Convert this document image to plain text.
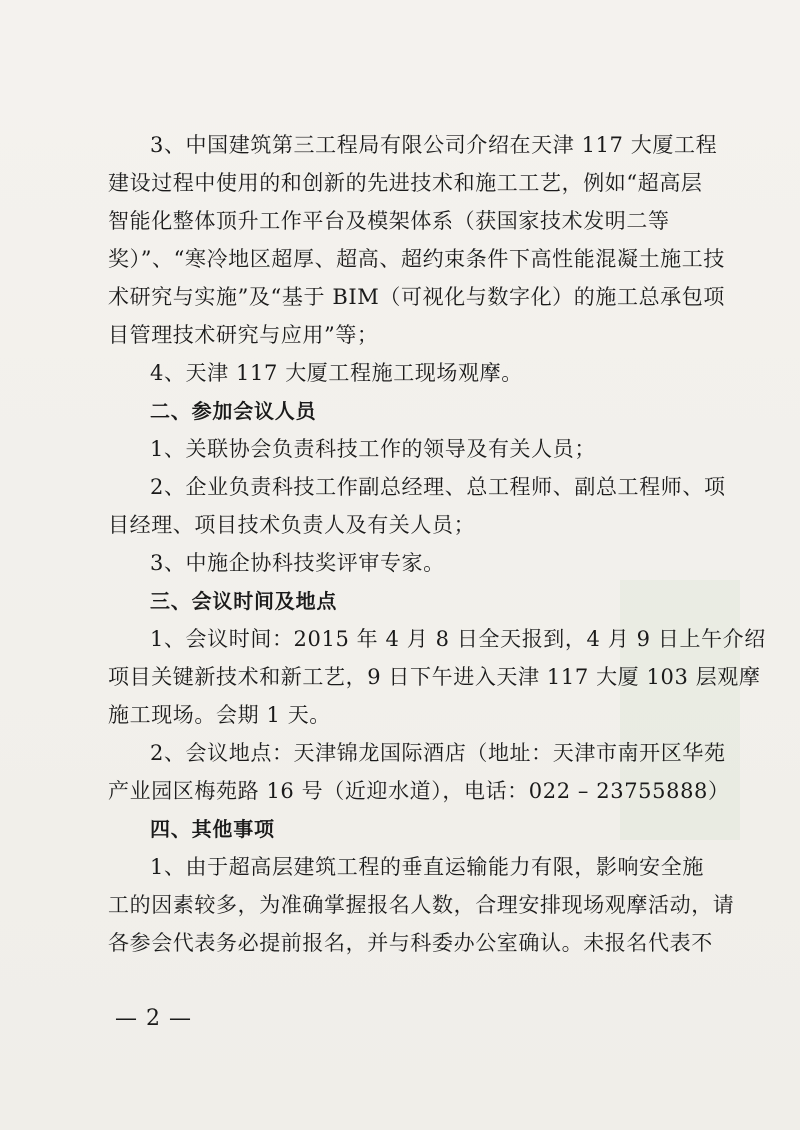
3、中国建筑第三工程局有限公司介绍在天津 117 大厦工程
建设过程中使用的和创新的先进技术和施工工艺，例如“超高层
智能化整体顶升工作平台及模架体系（获国家技术发明二等
奖）”、“寒冷地区超厚、超高、超约束条件下高性能混凝土施工技
术研究与实施”及“基于 BIM（可视化与数字化）的施工总承包项
目管理技术研究与应用”等；
4、天津 117 大厦工程施工现场观摩。
二、参加会议人员
1、关联协会负责科技工作的领导及有关人员；
2、企业负责科技工作副总经理、总工程师、副总工程师、项
目经理、项目技术负责人及有关人员；
3、中施企协科技奖评审专家。
三、会议时间及地点
1、会议时间：2015 年 4 月 8 日全天报到，4 月 9 日上午介绍
项目关键新技术和新工艺，9 日下午进入天津 117 大厦 103 层观摩
施工现场。会期 1 天。
2、会议地点：天津锦龙国际酒店（地址：天津市南开区华苑
产业园区梅苑路 16 号（近迎水道），电话：022 – 23755888）
四、其他事项
1、由于超高层建筑工程的垂直运输能力有限，影响安全施
工的因素较多，为准确掌握报名人数，合理安排现场观摩活动，请
各参会代表务必提前报名，并与科委办公室确认。未报名代表不
— 2 —
